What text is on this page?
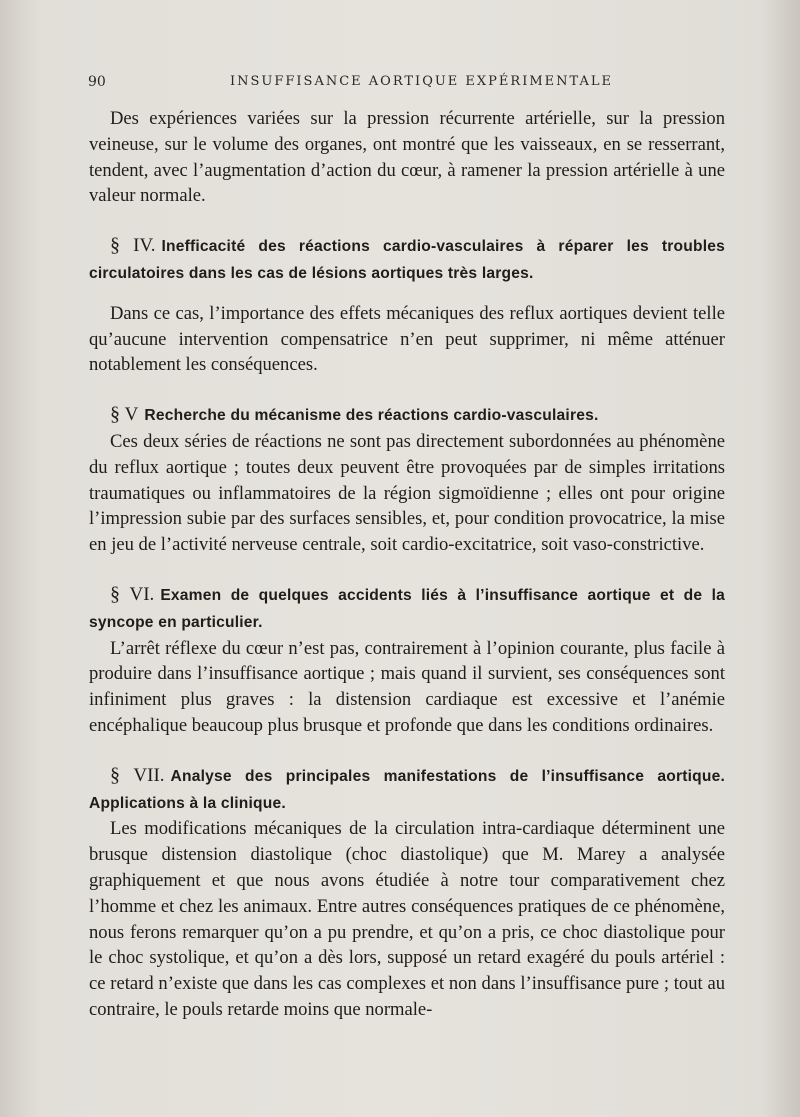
90	INSUFFISANCE AORTIQUE EXPÉRIMENTALE

Des expériences variées sur la pression récurrente artérielle, sur la pression veineuse, sur le volume des organes, ont montré que les vaisseaux, en se resserrant, tendent, avec l’augmentation d’action du cœur, à ramener la pression artérielle à une valeur normale.

§ IV. Inefficacité des réactions cardio-vasculaires à réparer les troubles circulatoires dans les cas de lésions aortiques très larges.

Dans ce cas, l’importance des effets mécaniques des reflux aortiques devient telle qu’aucune intervention compensatrice n’en peut supprimer, ni même atténuer notablement les conséquences.

§ V Recherche du mécanisme des réactions cardio-vasculaires.

Ces deux séries de réactions ne sont pas directement subordonnées au phénomène du reflux aortique ; toutes deux peuvent être provoquées par de simples irritations traumatiques ou inflammatoires de la région sigmoïdienne ; elles ont pour origine l’impression subie par des surfaces sensibles, et, pour condition provocatrice, la mise en jeu de l’activité nerveuse centrale, soit cardio-excitatrice, soit vaso-constrictive.

§ VI. Examen de quelques accidents liés à l’insuffisance aortique et de la syncope en particulier.

L’arrêt réflexe du cœur n’est pas, contrairement à l’opinion courante, plus facile à produire dans l’insuffisance aortique ; mais quand il survient, ses conséquences sont infiniment plus graves : la distension cardiaque est excessive et l’anémie encéphalique beaucoup plus brusque et profonde que dans les conditions ordinaires.

§ VII. Analyse des principales manifestations de l’insuffisance aortique. Applications à la clinique.

Les modifications mécaniques de la circulation intra-cardiaque déterminent une brusque distension diastolique (choc diastolique) que M. Marey a analysée graphiquement et que nous avons étudiée à notre tour comparativement chez l’homme et chez les animaux. Entre autres conséquences pratiques de ce phénomène, nous ferons remarquer qu’on a pu prendre, et qu’on a pris, ce choc diastolique pour le choc systolique, et qu’on a dès lors, supposé un retard exagéré du pouls artériel : ce retard n’existe que dans les cas complexes et non dans l’insuffisance pure ; tout au contraire, le pouls retarde moins que normale-
